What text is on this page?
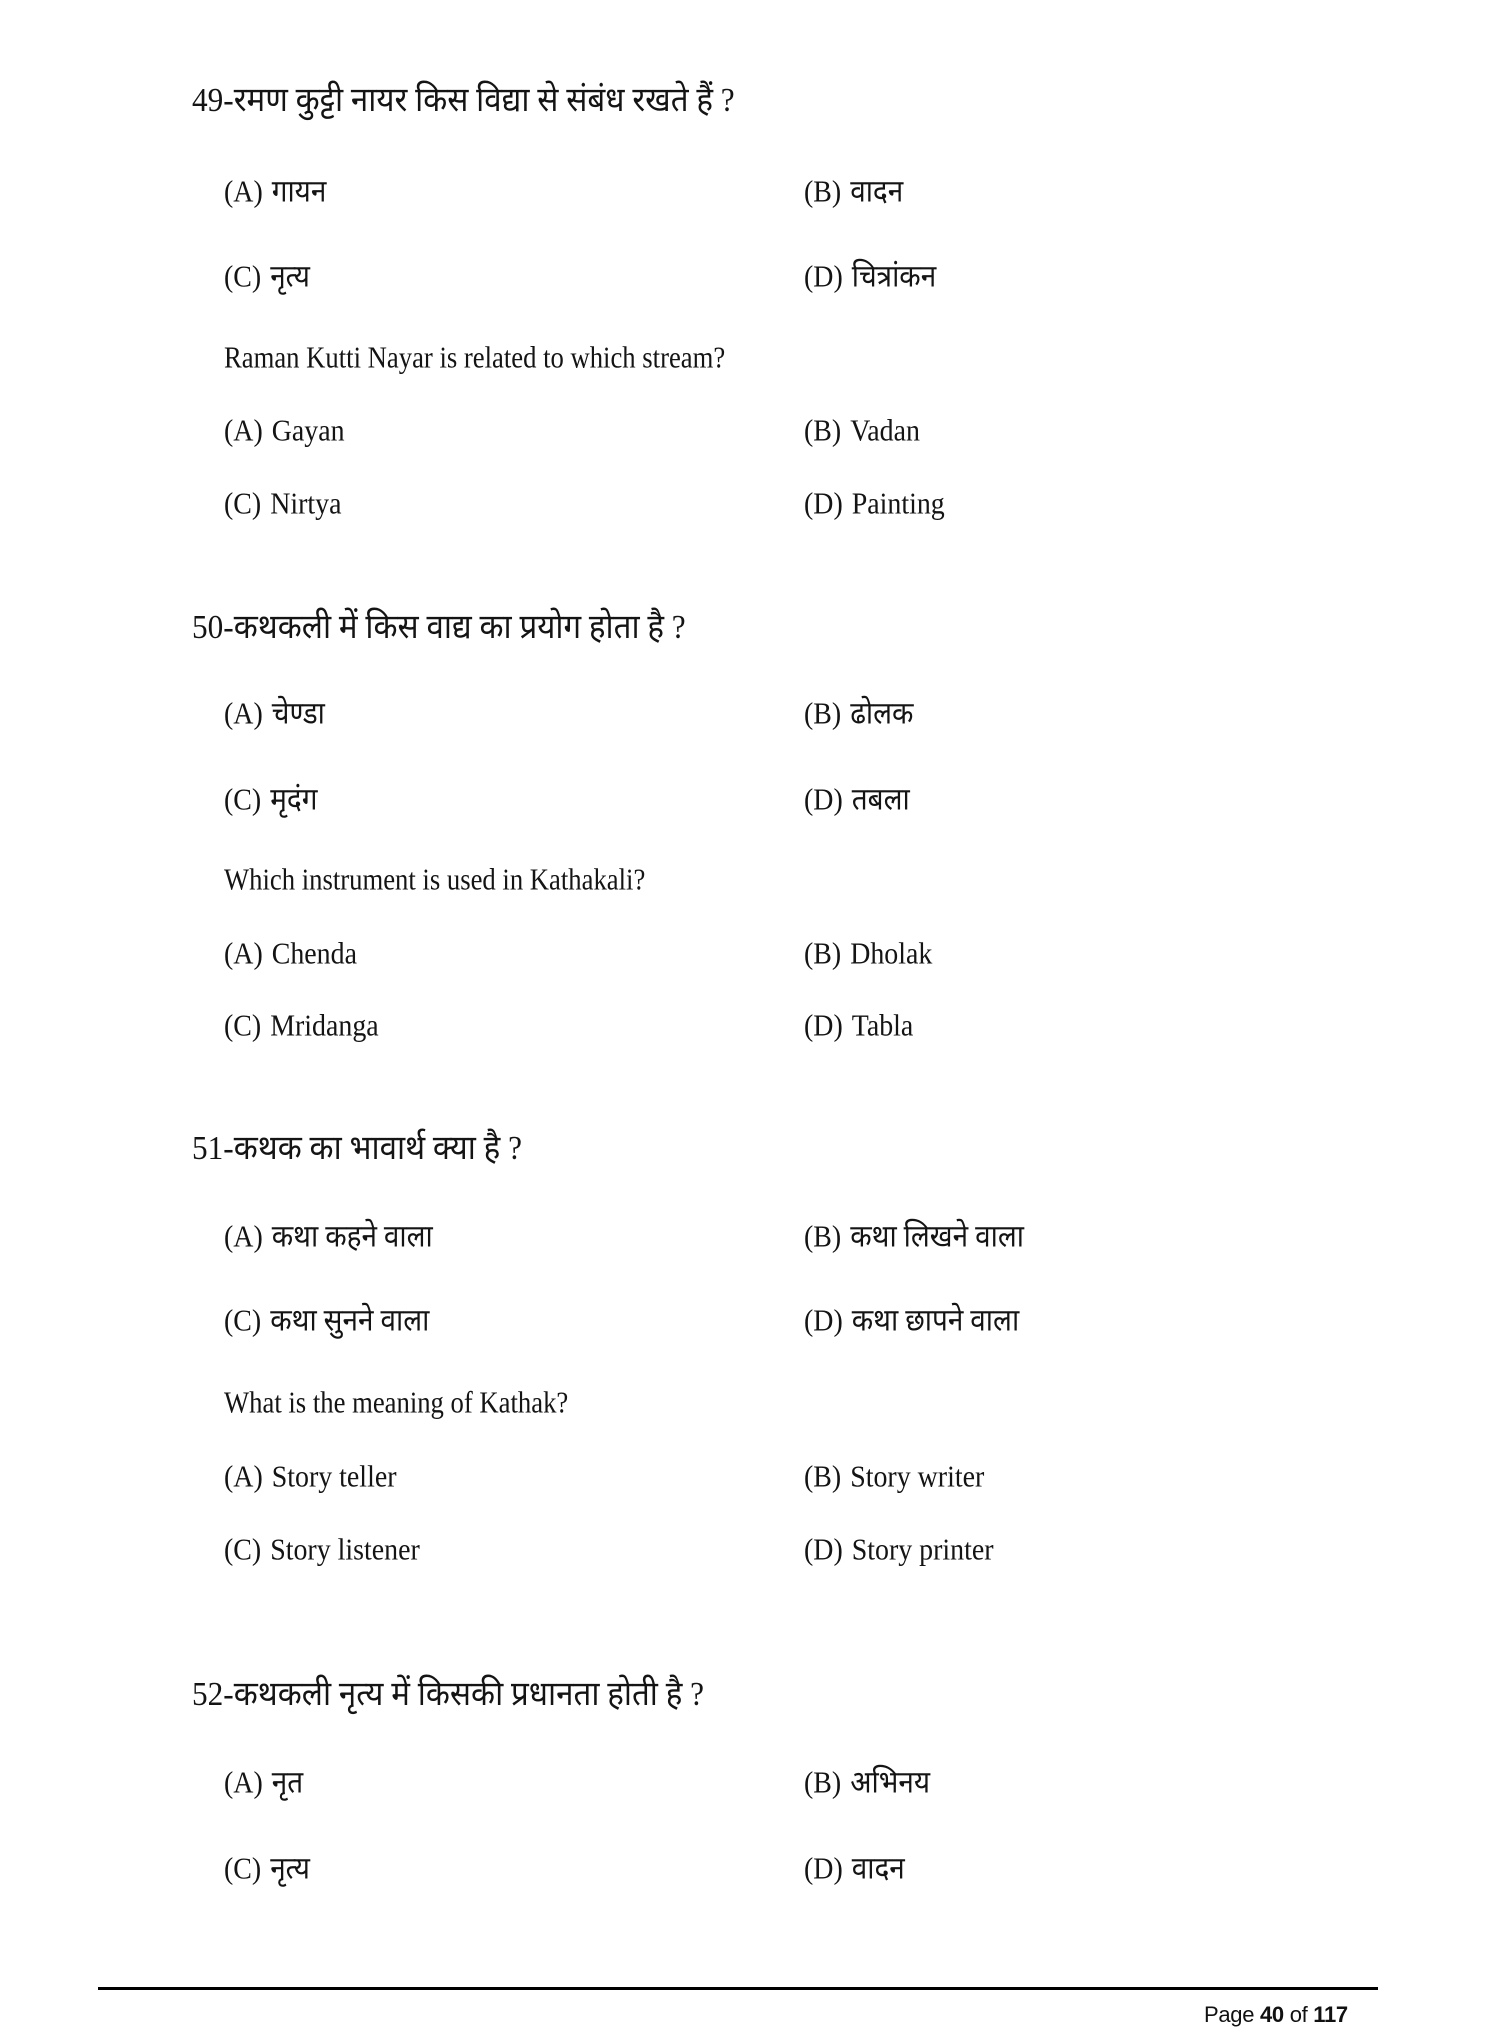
49-रमण कुट्टी नायर किस विद्या से संबंध रखते हैं ?
(A) गायन	(B) वादन
(C) नृत्य	(D) चित्रांकन
Raman Kutti Nayar is related to which stream?
(A) Gayan	(B) Vadan
(C) Nirtya	(D) Painting
50-कथकली में किस वाद्य का प्रयोग होता है ?
(A) चेण्डा	(B) ढोलक
(C) मृदंग	(D) तबला
Which instrument is used in Kathakali?
(A) Chenda	(B) Dholak
(C) Mridanga	(D) Tabla
51-कथक का भावार्थ क्या है ?
(A) कथा कहने वाला	(B) कथा लिखने वाला
(C) कथा सुनने वाला	(D) कथा छापने वाला
What is the meaning of Kathak?
(A) Story teller	(B) Story writer
(C) Story listener	(D) Story printer
52-कथकली नृत्य में किसकी प्रधानता होती है ?
(A) नृत	(B) अभिनय
(C) नृत्य	(D) वादन
Page 40 of 117
